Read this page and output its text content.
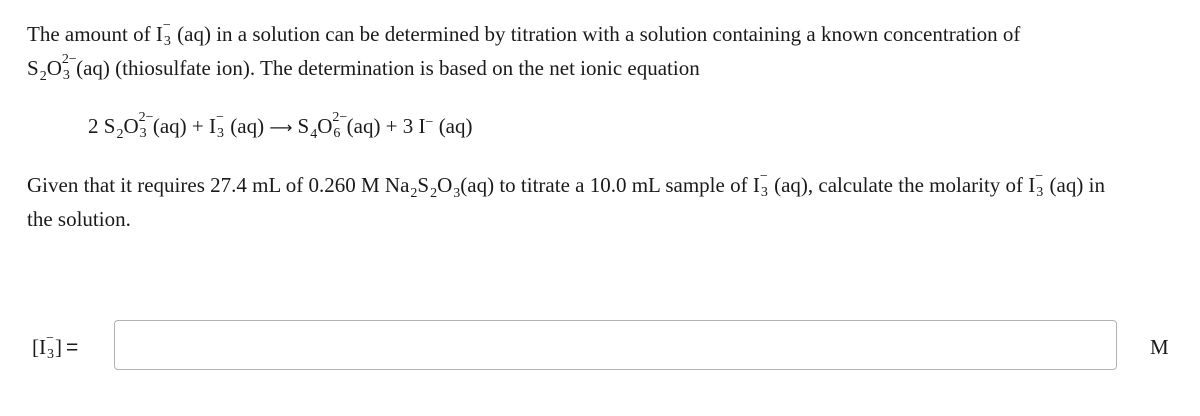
The amount of I −
3 (aq) in a solution can be determined by titration with a solution containing a known concentration of
$S_2O$ 2−
3 (aq) (thiosulfate ion). The determination is based on the net ionic equation
2 $S_2O$ 2−
3 (aq) + I −
3 (aq) ⟶ $S_4O$ 2−
6 (aq) + 3 I− (aq)
Given that it requires 27.4 mL of 0.260 M $Na_2S_2O_3(aq)$ to titrate a 10.0 mL sample of I −
3 (aq), calculate the molarity of I −
3 (aq) in
the solution.
[I −
3 ] =	M
